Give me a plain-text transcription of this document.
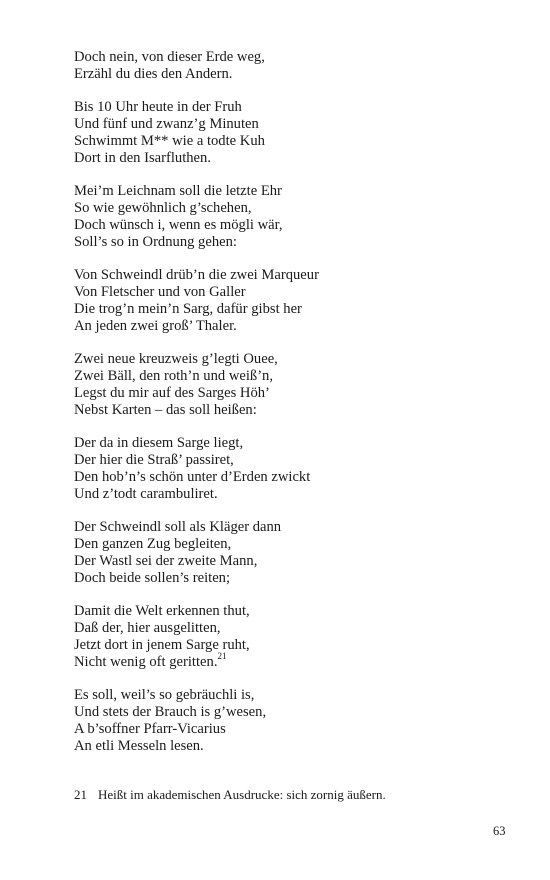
Doch nein, von dieser Erde weg,
Erzähl du dies den Andern.
Bis 10 Uhr heute in der Fruh
Und fünf und zwanz’g Minuten
Schwimmt M** wie a todte Kuh
Dort in den Isarfluthen.
Mei’m Leichnam soll die letzte Ehr
So wie gewöhnlich g’schehen,
Doch wünsch i, wenn es mögli wär,
Soll’s so in Ordnung gehen:
Von Schweindl drüb’n die zwei Marqueur
Von Fletscher und von Galler
Die trog’n mein’n Sarg, dafür gibst her
An jeden zwei groß’ Thaler.
Zwei neue kreuzweis g’legti Ouee,
Zwei Bäll, den roth’n und weiß’n,
Legst du mir auf des Sarges Höh’
Nebst Karten – das soll heißen:
Der da in diesem Sarge liegt,
Der hier die Straß’ passiret,
Den hob’n’s schön unter d’Erden zwickt
Und z’todt carambuliret.
Der Schweindl soll als Kläger dann
Den ganzen Zug begleiten,
Der Wastl sei der zweite Mann,
Doch beide sollen’s reiten;
Damit die Welt erkennen thut,
Daß der, hier ausgelitten,
Jetzt dort in jenem Sarge ruht,
Nicht wenig oft geritten.$^{21}$
Es soll, weil’s so gebräuchli is,
Und stets der Brauch is g’wesen,
A b’soffner Pfarr-Vicarius
An etli Messeln lesen.
21 Heißt im akademischen Ausdrucke: sich zornig äußern.
63
